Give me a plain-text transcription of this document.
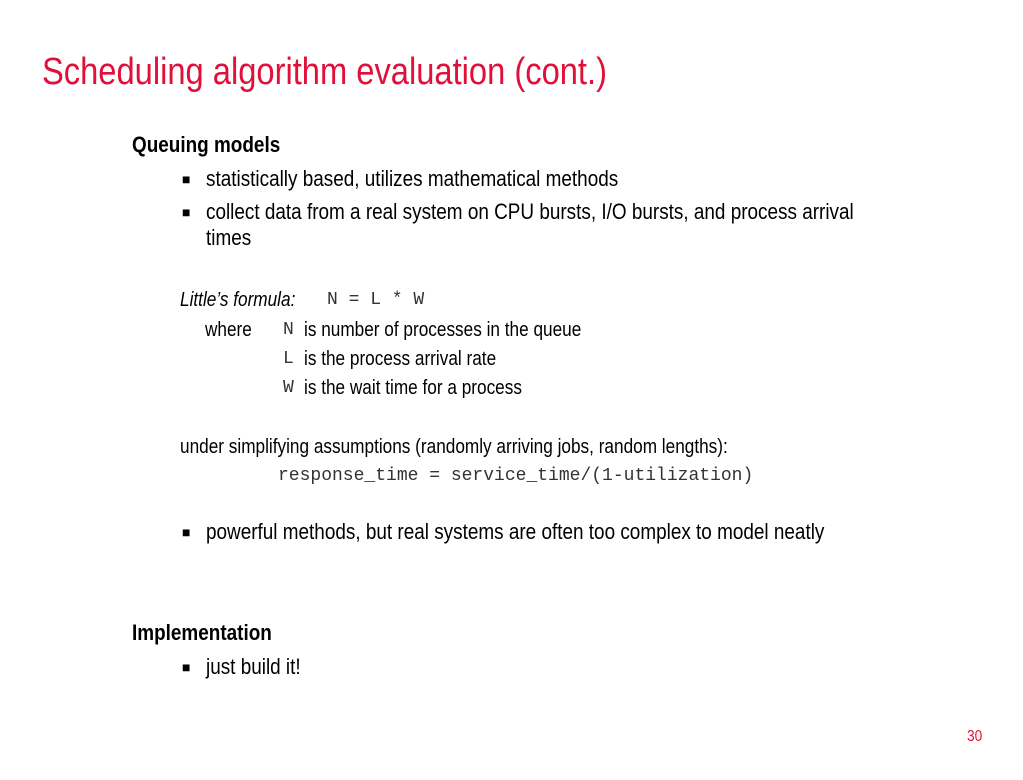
Scheduling algorithm evaluation (cont.)
Queuing models
■ statistically based, utilizes mathematical methods
■ collect data from a real system on CPU bursts, I/O bursts, and process arrival
times
Little’s formula:	N = L * W
where	N is number of processes in the queue
L is the process arrival rate
W is the wait time for a process
under simplifying assumptions (randomly arriving jobs, random lengths):
response_time = service_time/(1-utilization)
■ powerful methods, but real systems are often too complex to model neatly
Implementation
■ just build it!
30
